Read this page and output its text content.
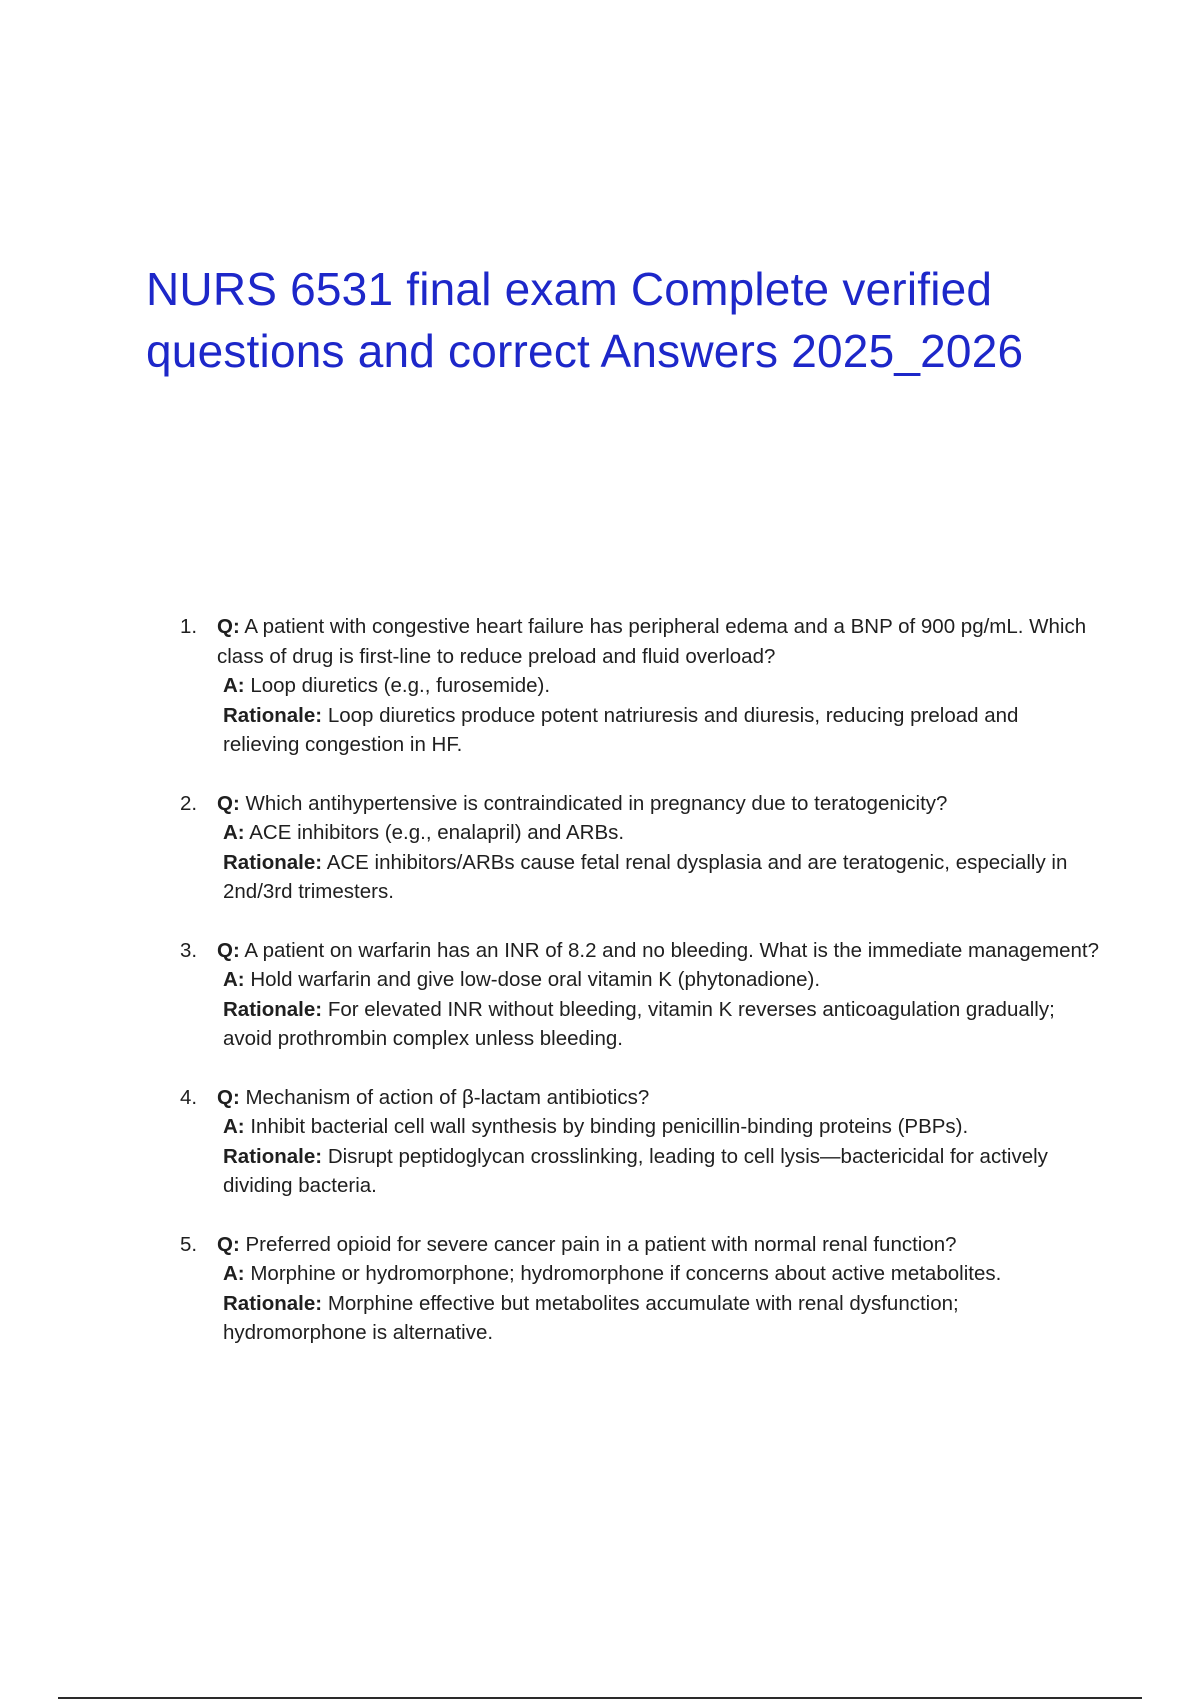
NURS 6531 final exam Complete verified
questions and correct Answers 2025_2026
1. Q: A patient with congestive heart failure has peripheral edema and a BNP of 900 pg/mL. Which class of drug is first-line to reduce preload and fluid overload?
A: Loop diuretics (e.g., furosemide).
Rationale: Loop diuretics produce potent natriuresis and diuresis, reducing preload and relieving congestion in HF.
2. Q: Which antihypertensive is contraindicated in pregnancy due to teratogenicity?
A: ACE inhibitors (e.g., enalapril) and ARBs.
Rationale: ACE inhibitors/ARBs cause fetal renal dysplasia and are teratogenic, especially in 2nd/3rd trimesters.
3. Q: A patient on warfarin has an INR of 8.2 and no bleeding. What is the immediate management?
A: Hold warfarin and give low-dose oral vitamin K (phytonadione).
Rationale: For elevated INR without bleeding, vitamin K reverses anticoagulation gradually; avoid prothrombin complex unless bleeding.
4. Q: Mechanism of action of β-lactam antibiotics?
A: Inhibit bacterial cell wall synthesis by binding penicillin-binding proteins (PBPs).
Rationale: Disrupt peptidoglycan crosslinking, leading to cell lysis—bactericidal for actively dividing bacteria.
5. Q: Preferred opioid for severe cancer pain in a patient with normal renal function?
A: Morphine or hydromorphone; hydromorphone if concerns about active metabolites.
Rationale: Morphine effective but metabolites accumulate with renal dysfunction; hydromorphone is alternative.
